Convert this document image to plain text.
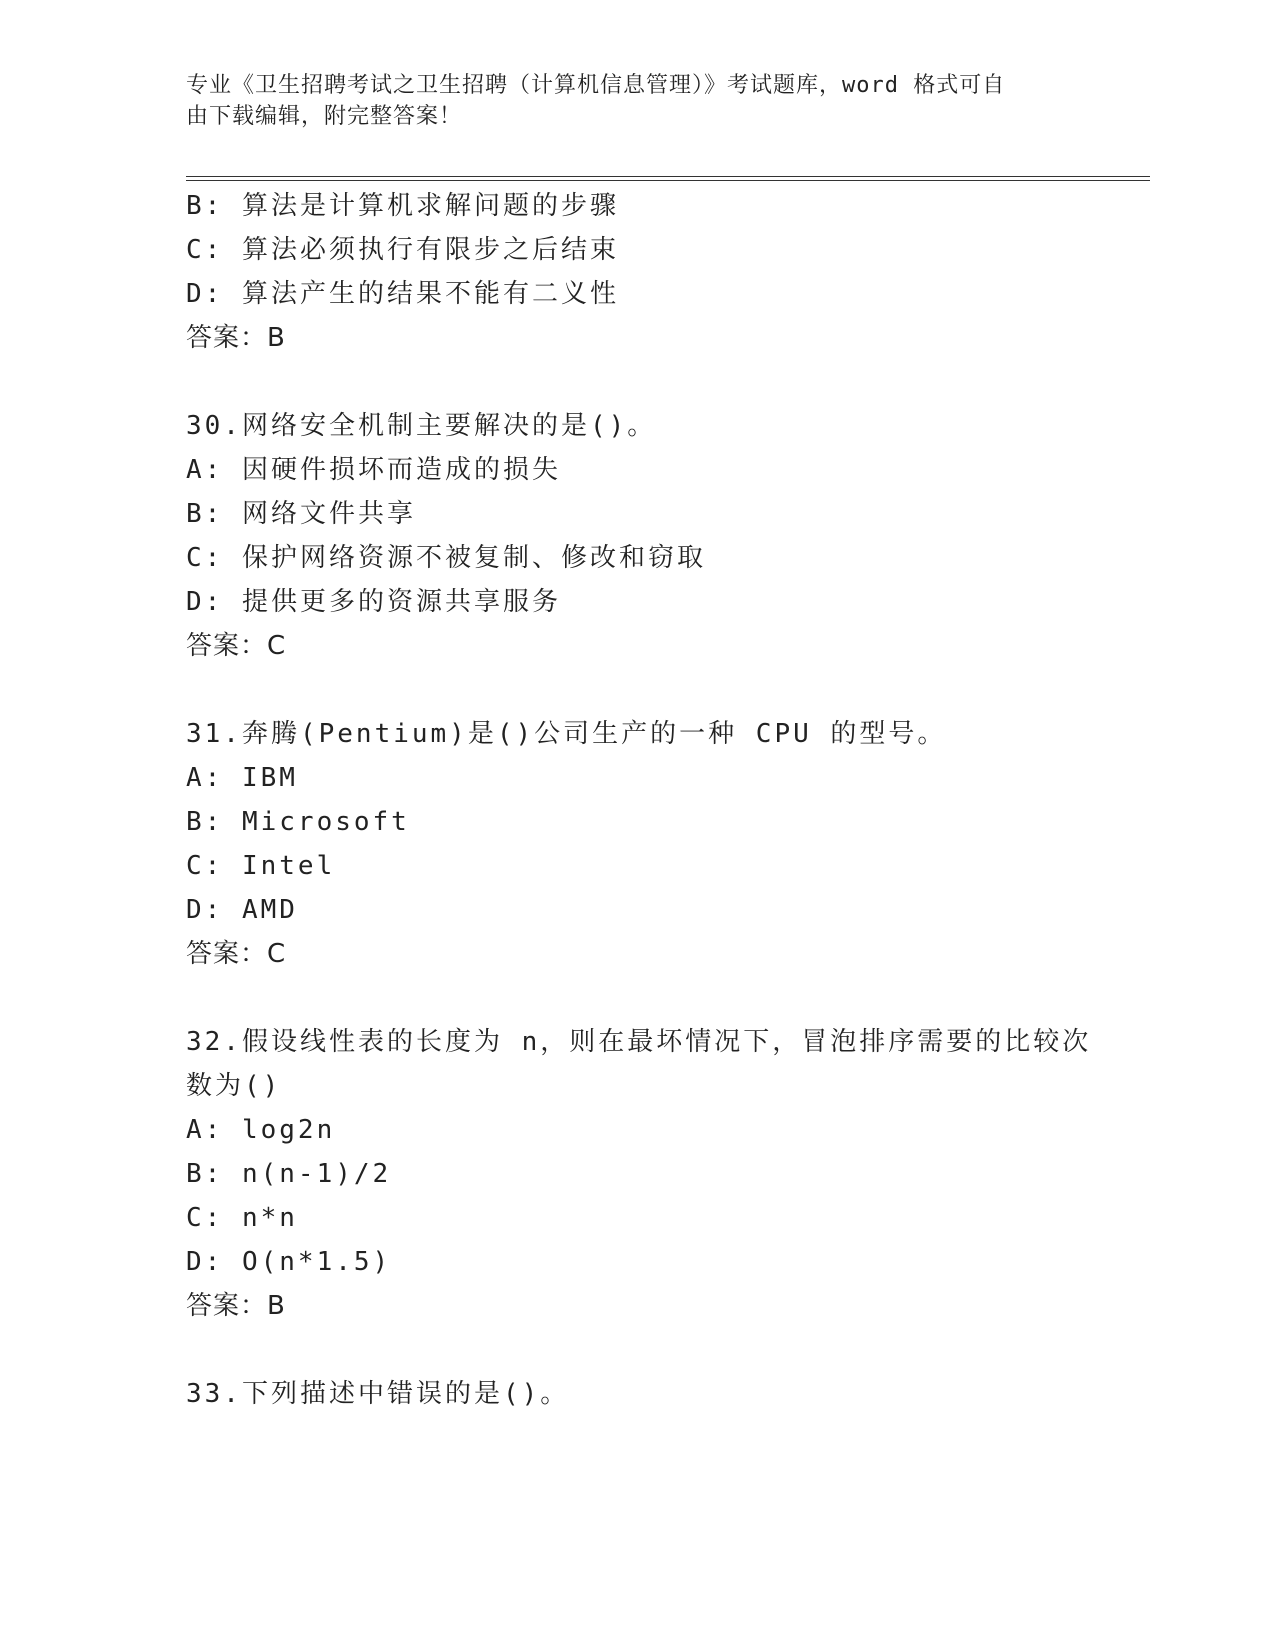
专业《卫生招聘考试之卫生招聘（计算机信息管理）》考试题库，word 格式可自
由下载编辑，附完整答案！
B: 算法是计算机求解问题的步骤
C: 算法必须执行有限步之后结束
D: 算法产生的结果不能有二义性
答案：B
30.网络安全机制主要解决的是()。
A: 因硬件损坏而造成的损失
B: 网络文件共享
C: 保护网络资源不被复制、修改和窃取
D: 提供更多的资源共享服务
答案：C
31.奔腾(Pentium)是()公司生产的一种 CPU 的型号。
A: IBM
B: Microsoft
C: Intel
D: AMD
答案：C
32.假设线性表的长度为 n，则在最坏情况下，冒泡排序需要的比较次
数为()
A: log2n
B: n(n-1)/2
C: n*n
D: O(n*1.5)
答案：B
33.下列描述中错误的是()。
